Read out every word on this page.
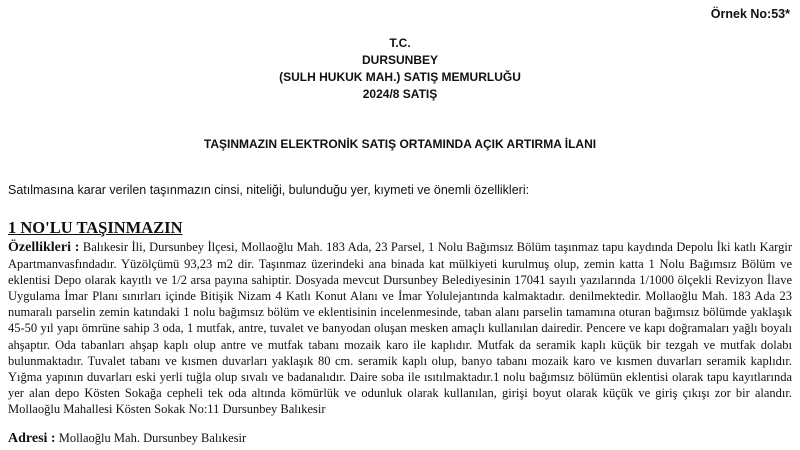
Örnek No:53*
T.C.
DURSUNBEY
(SULH HUKUK MAH.) SATIŞ MEMURLUĞU
2024/8 SATIŞ
TAŞINMAZIN ELEKTRONİK SATIŞ ORTAMINDA AÇIK ARTIRMA İLANI
Satılmasına karar verilen taşınmazın cinsi, niteliği, bulunduğu yer, kıymeti ve önemli özellikleri:
1 NO'LU TAŞINMAZIN

Özellikleri : Balıkesir İli, Dursunbey İlçesi, Mollaoğlu Mah. 183 Ada, 23 Parsel, 1 Nolu Bağımsız Bölüm taşınmaz tapu kaydında Depolu İki katlı Kargir Apartmanvasfındadır. Yüzölçümü 93,23 m2 dir. Taşınmaz üzerindeki ana binada kat mülkiyeti kurulmuş olup, zemin katta 1 Nolu Bağımsız Bölüm ve eklentisi Depo olarak kayıtlı ve 1/2 arsa payına sahiptir. Dosyada mevcut Dursunbey Belediyesinin 17041 sayılı yazılarında 1/1000 ölçekli Revizyon İlave Uygulama İmar Planı sınırları içinde Bitişik Nizam 4 Katlı Konut Alanı ve İmar Yolulejantında kalmaktadır. denilmektedir. Mollaoğlu Mah. 183 Ada 23 numaralı parselin zemin katındaki 1 nolu bağımsız bölüm ve eklentisinin incelenmesinde, taban alanı parselin tamamına oturan bağımsız bölümde yaklaşık 45-50 yıl yapı ömrüne sahip 3 oda, 1 mutfak, antre, tuvalet ve banyodan oluşan mesken amaçlı kullanılan dairedir. Pencere ve kapı doğramaları yağlı boyalı ahşaptır. Oda tabanları ahşap kaplı olup antre ve mutfak tabanı mozaik karo ile kaplıdır. Mutfak da seramik kaplı küçük bir tezgah ve mutfak dolabı bulunmaktadır. Tuvalet tabanı ve kısmen duvarları yaklaşık 80 cm. seramik kaplı olup, banyo tabanı mozaik karo ve kısmen duvarları seramik kaplıdır. Yığma yapının duvarları eski yerli tuğla olup sıvalı ve badanalıdır. Daire soba ile ısıtılmaktadır.1 nolu bağımsız bölümün eklentisi olarak tapu kayıtlarında yer alan depo Kösten Sokağa cepheli tek oda altında kömürlük ve odunluk olarak kullanılan, girişi boyut olarak küçük ve giriş çıkışı zor bir alandır. Mollaoğlu Mahallesi Kösten Sokak No:11 Dursunbey Balıkesir

Adresi : Mollaoğlu Mah. Dursunbey Balıkesir
